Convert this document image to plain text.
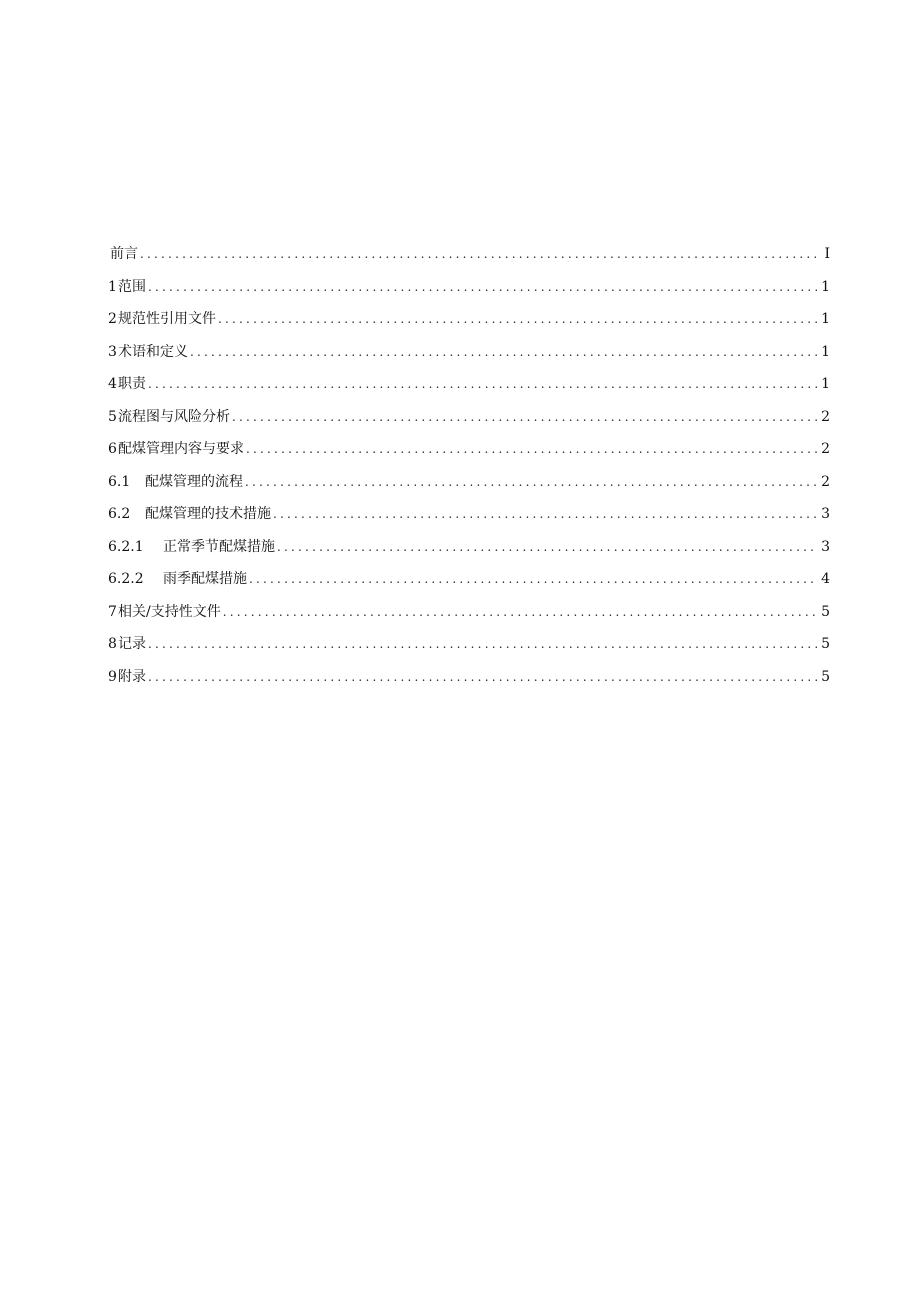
前言 .....	I
1范围 .....	1
2规范性引用文件 .....	1
3术语和定义 .....	1
4职责 .....	1
5流程图与风险分析 .....	2
6配煤管理内容与要求 .....	2
6.1 配煤管理的流程 .....	2
6.2 配煤管理的技术措施 .....	3
6.2.1 正常季节配煤措施 .....	3
6.2.2 雨季配煤措施 .....	4
7相关/支持性文件 .....	5
8记录 .....	5
9附录 .....	5
